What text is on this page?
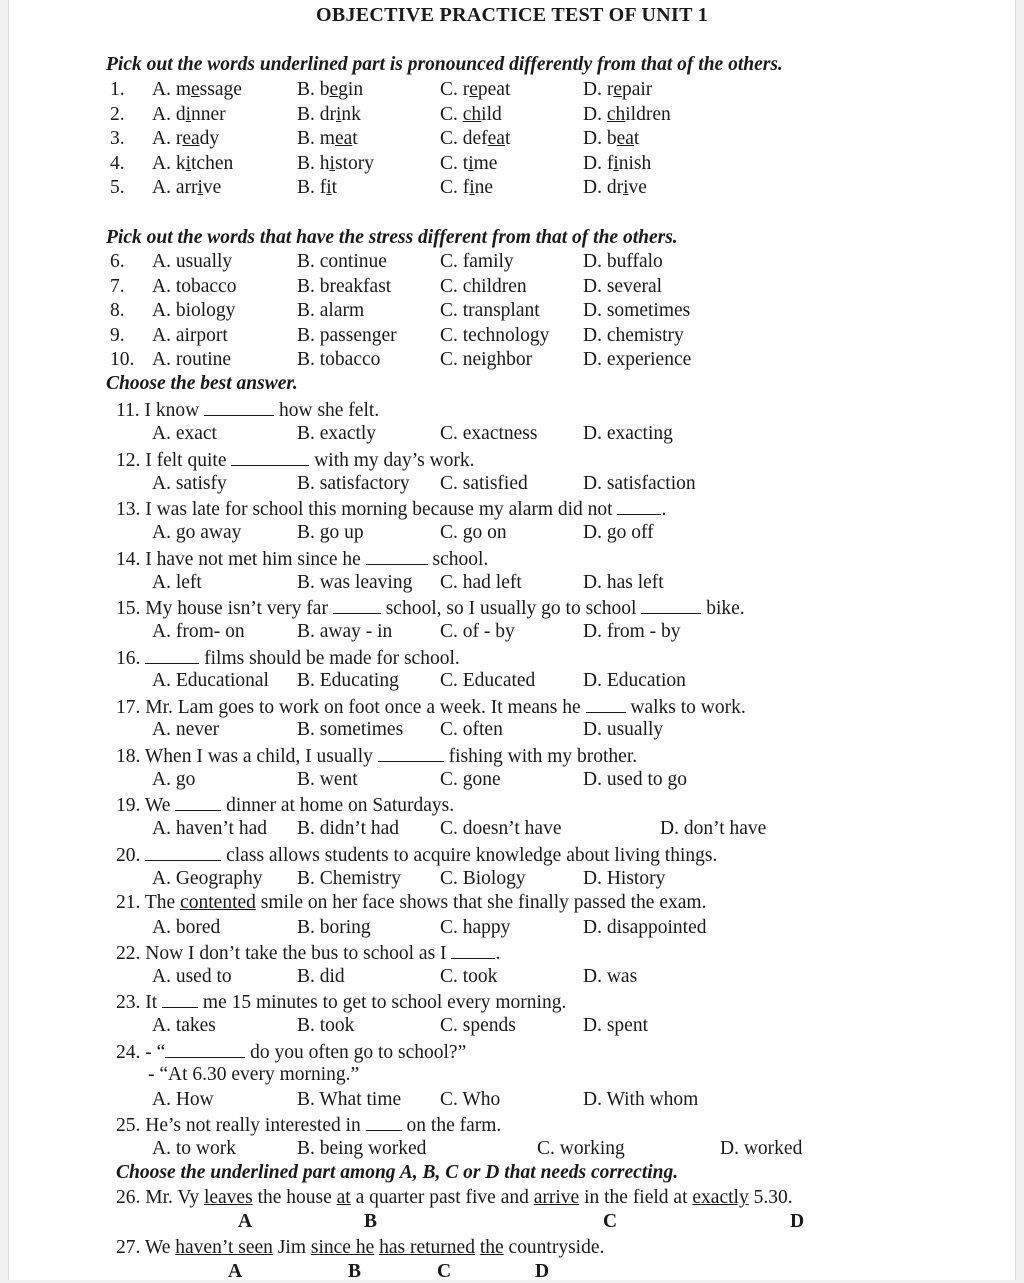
OBJECTIVE PRACTICE TEST OF UNIT 1
Pick out the words underlined part is pronounced differently from that of the others.
1. A. message	B. begin	C. repeat	D. repair
2. A. dinner	B. drink	C. child	D. children
3. A. ready	B. meat	C. defeat	D. beat
4. A. kitchen	B. history	C. time	D. finish
5. A. arrive	B. fit	C. fine	D. drive
Pick out the words that have the stress different from that of the others.
6. A. usually	B. continue	C. family	D. buffalo
7. A. tobacco	B. breakfast	C. children	D. several
8. A. biology	B. alarm	C. transplant D. sometimes
9. A. airport	B. passenger C. technology D. chemistry
10. A. routine	B. tobacco	C. neighbor	D. experience
Choose the best answer.
11. I know	how she felt.
A. exact	B. exactly	C. exactness D. exacting
12. I felt quite	with my day’s work.
A. satisfy	B. satisfactory C. satisfied	D. satisfaction
13. I was late for school this morning because my alarm did not .
A. go away	B. go up	C. go on	D. go off
14. I have not met him since he	school.
A. left	B. was leaving C. had left	D. has left
15. My house isn’t very far  school, so I usually go to school	bike.
A. from- on	B. away - in C. of - by	D. from - by
16.	films should be made for school.
A. Educational B. Educating C. Educated D. Education
17. Mr. Lam goes to work on foot once a week. It means he  walks to work.
A. never	B. sometimes C. often	D. usually
18. When I was a child, I usually	fishing with my brother.
A. go	B. went	C. gone	D. used to go
19. We  dinner at home on Saturdays.
A. haven’t had B. didn’t had C. doesn’t have	D. don’t have
20.	class allows students to acquire knowledge about living things.
A. Geography B. Chemistry C. Biology	D. History
21. The contented smile on her face shows that she finally passed the exam.
A. bored	B. boring	C. happy	D. disappointed
22. Now I don’t take the bus to school as I .
A. used to	B. did	C. took	D. was
23. It  me 15 minutes to get to school every morning.
A. takes	B. took	C. spends	D. spent
24. - “	do you often go to school?”
- “At 6.30 every morning.”
A. How	B. What time C. Who	D. With whom
25. He’s not really interested in  on the farm.
A. to work	B. being worked	C. working	D. worked
Choose the underlined part among A, B, C or D that needs correcting.
26. Mr. Vy leaves the house at a quarter past five and arrive in the field at exactly 5.30.
A	B	C	D
27. We haven’t seen Jim since he has returned the countryside.
A	B	C	D
